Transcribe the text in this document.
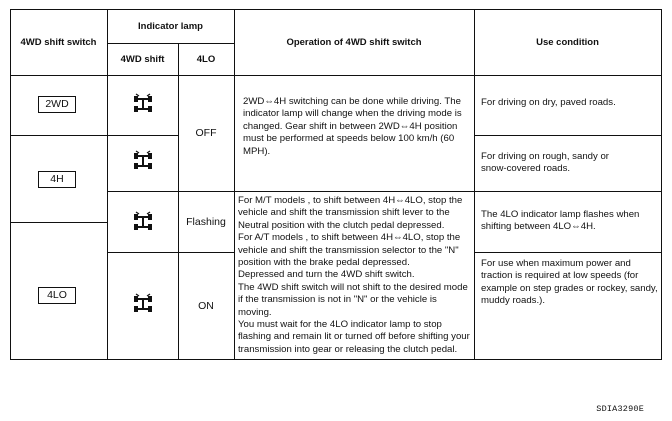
4WD shift switch
Indicator lamp
4WD shift	4LO
Operation of 4WD shift switch	Use condition
2WD
4H
4LO
OFF
Flashing
ON
2WD⇔4H switching can be done while driving. The
indicator lamp will change when the driving mode is
changed. Gear shift in between 2WD⇔4H position
must be performed at speeds below 100 km/h (60
MPH).
For M/T models , to shift between 4H⇔4LO, stop the
vehicle and shift the transmission shift lever to the
Neutral position with the clutch pedal depressed.
For A/T models , to shift between 4H⇔4LO, stop the
vehicle and shift the transmission selector to the "N"
position with the brake pedal depressed.
Depressed and turn the 4WD shift switch.
The 4WD shift switch will not shift to the desired mode
if the transmission is not in "N" or the vehicle is moving.
You must wait for the 4LO indicator lamp to stop
flashing and remain lit or turned off before shifting your
transmission into gear or releasing the clutch pedal.
For driving on dry, paved roads.
For driving on rough, sandy or
snow-covered roads.
The 4LO indicator lamp flashes when
shifting between 4LO⇔4H.
For use when maximum power and
traction is required at low speeds (for
example on step grades or rockey, sandy,
muddy roads.).
SDIA3290E
